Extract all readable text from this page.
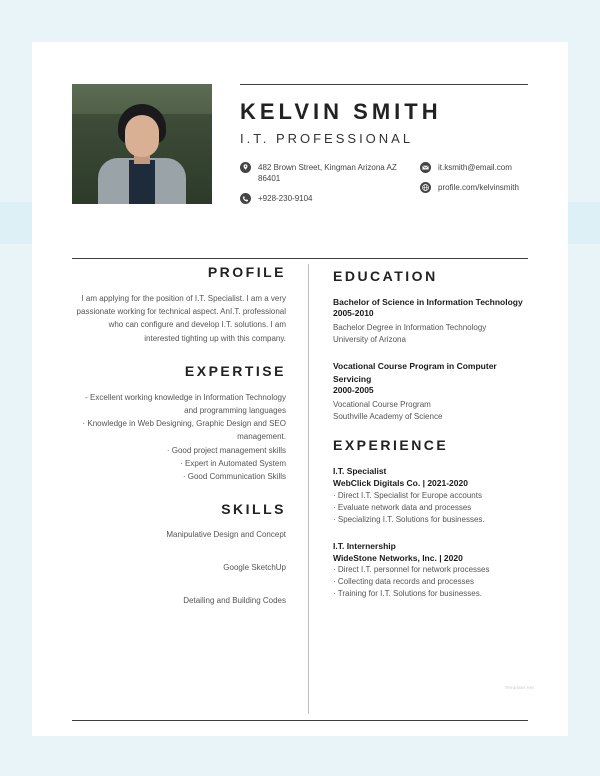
KELVIN SMITH
I.T. PROFESSIONAL
482 Brown Street, Kingman Arizona AZ 86401
+928-230-9104
it.ksmith@email.com
profile.com/kelvinsmith
PROFILE

I am applying for the position of I.T. Specialist. I am a very passionate working for technical aspect. AnI.T. professional who can configure and develop I.T. solutions. I am interested tighting up with this company.

EXPERTISE
- Excellent working knowledge in Information Technology and programming languages
· Knowledge in Web Designing, Graphic Design and SEO management.
· Good project management skills
· Expert in Automated System
· Good Communication Skills
SKILLS
Manipulative Design and Concept
Google SketchUp
Detailing and Building Codes
EDUCATION

Bachelor of Science in Information Technology

2005-2010

Bachelor Degree in Information Technology

University of Arizona

Vocational Course Program in Computer Servicing

2000-2005

Vocational Course Program

Southville Academy of Science

EXPERIENCE

I.T. Specialist

WebClick Digitals Co. | 2021-2020

· Direct I.T. Specialist for Europe accounts

· Evaluate network data and processes

· Specializing I.T. Solutions for businesses.

I.T. Internership

WideStone Networks, Inc. | 2020

· Direct I.T. personnel for network processes

· Collecting data records and processes

· Training for I.T. Solutions for businesses.

Template.net
